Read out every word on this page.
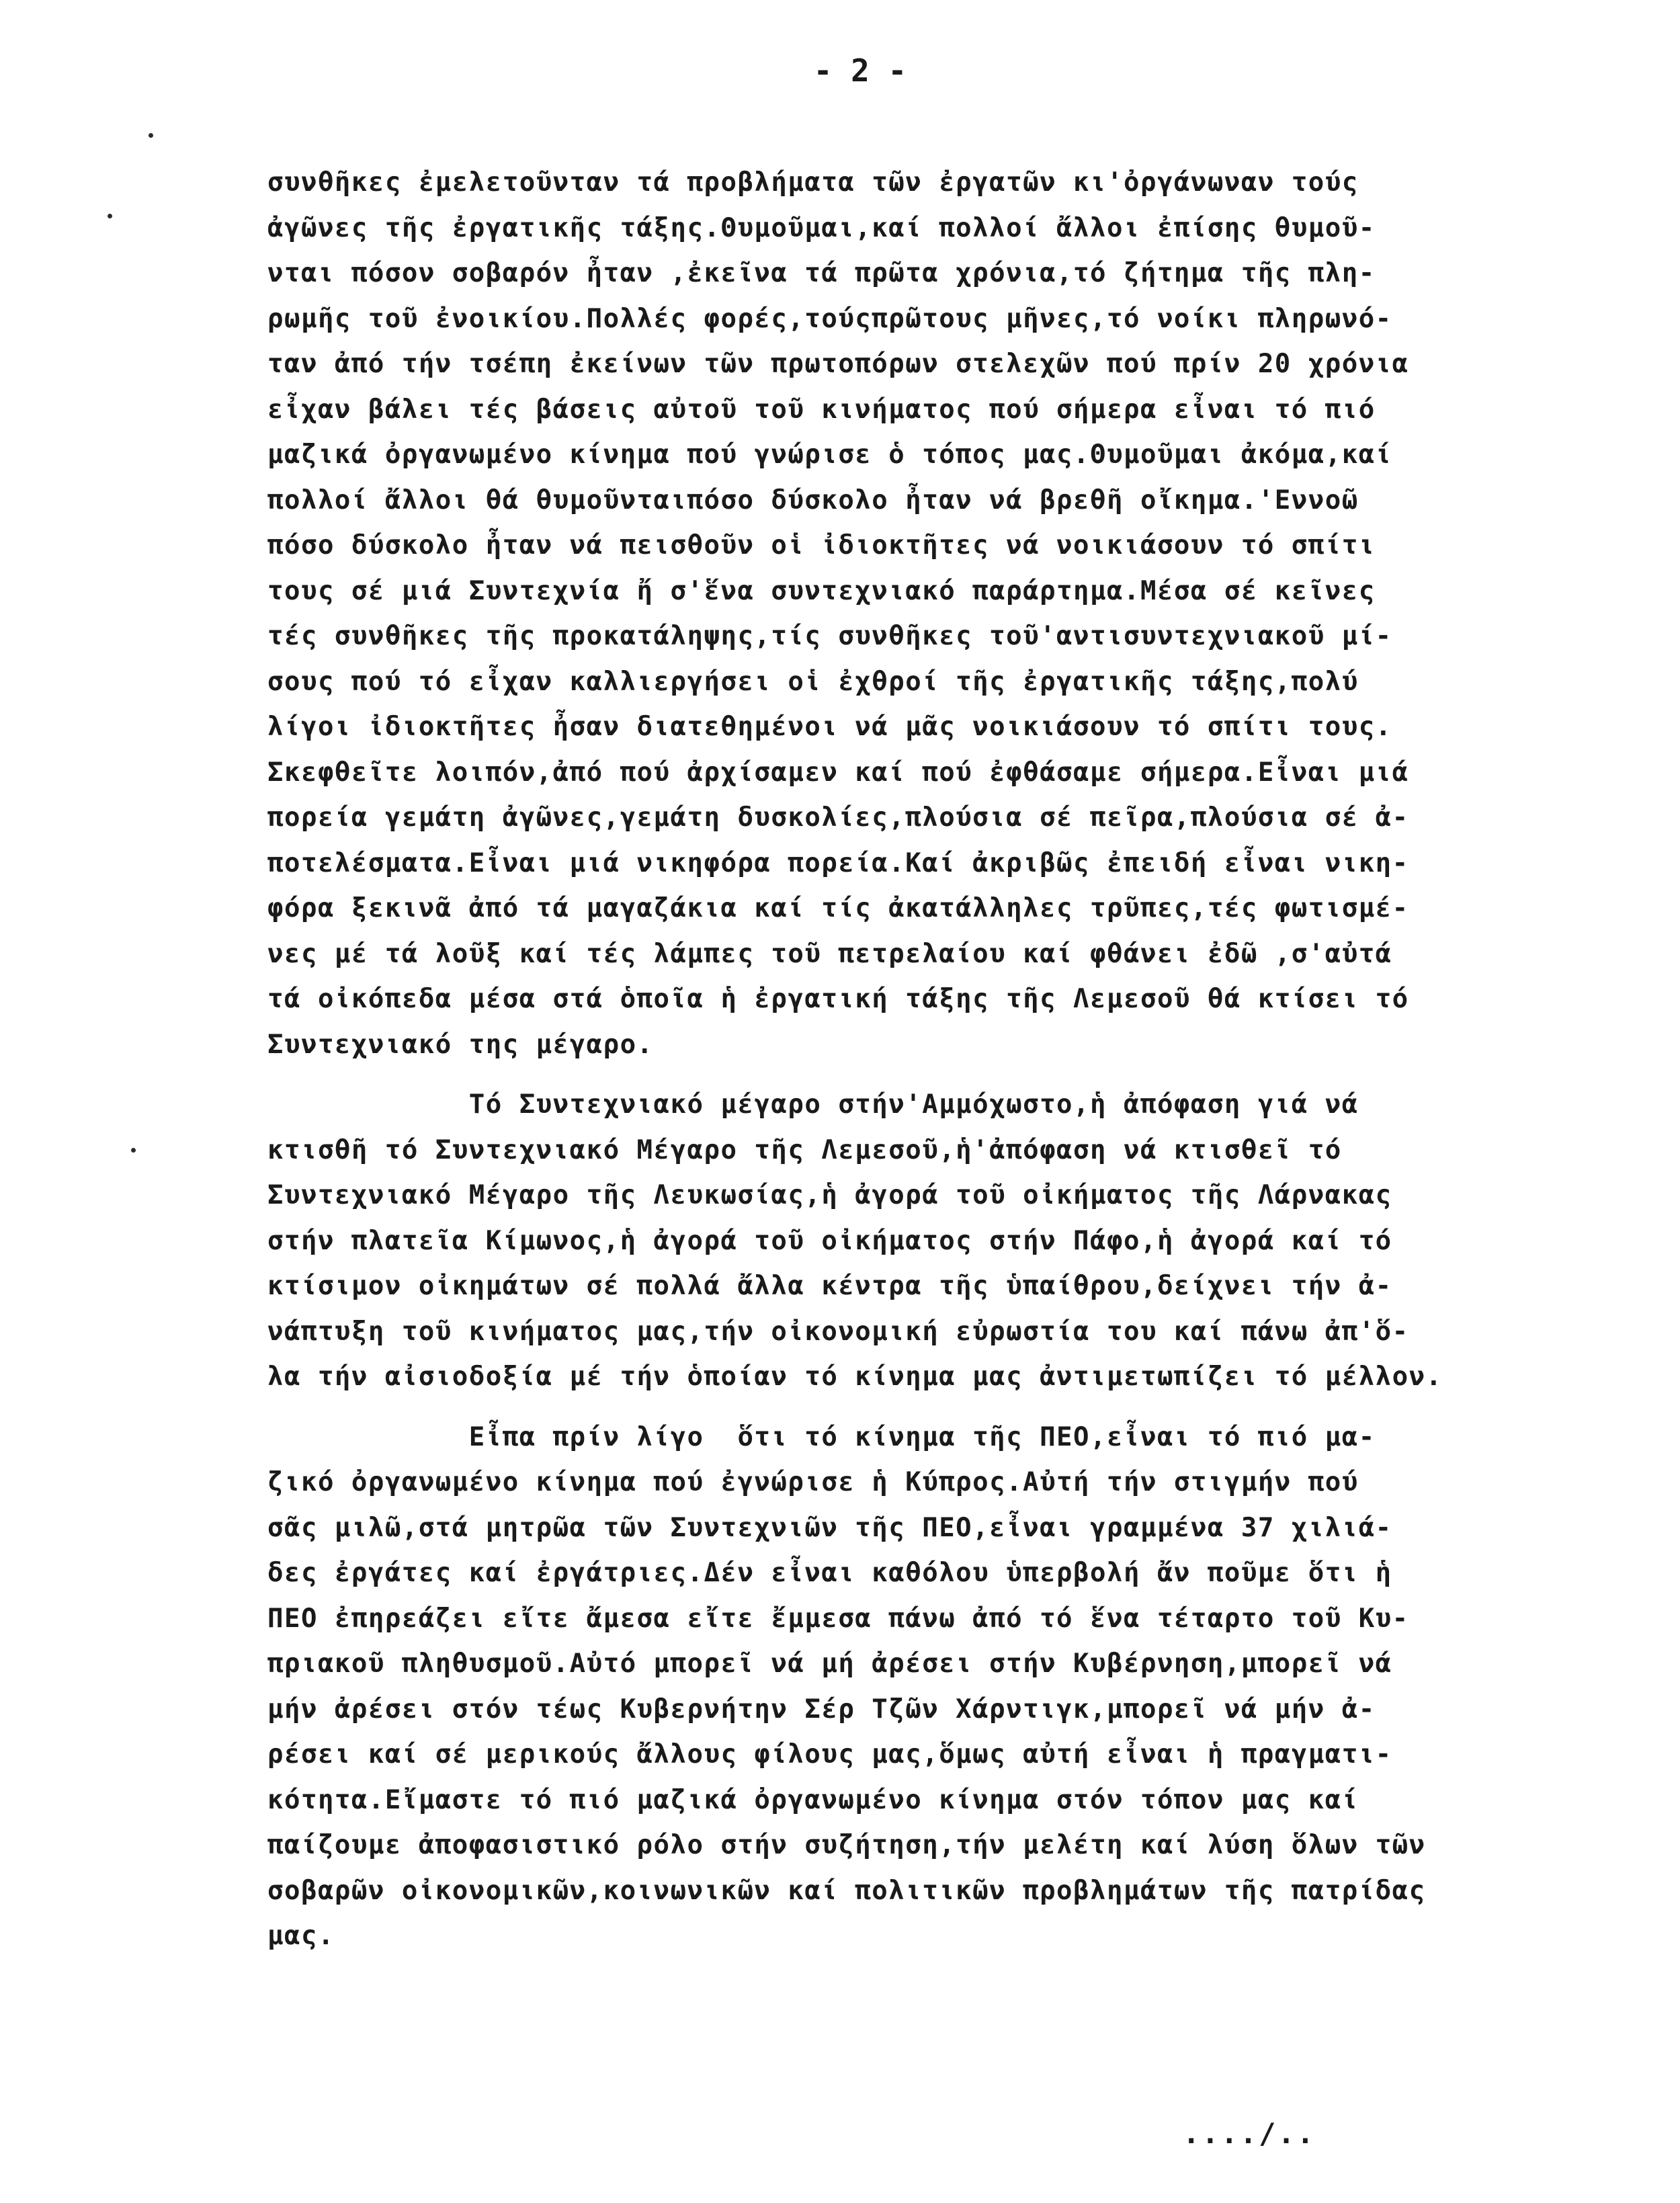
- 2 -
συνθῆκες ἐμελετοῦνταν τά προβλήματα τῶν ἐργατῶν κι'ὀργάνωναν τούς
ἀγῶνες τῆς ἐργατικῆς τάξης.Θυμοῦμαι,καί πολλοί ἄλλοι ἐπίσης θυμοῦ-
νται πόσον σοβαρόν ἦταν ,ἐκεῖνα τά πρῶτα χρόνια,τό ζήτημα τῆς πλη-
ρωμῆς τοῦ ἐνοικίου.Πολλές φορές,τούςπρῶτους μῆνες,τό νοίκι πληρωνό-
ταν ἀπό τήν τσέπη ἐκείνων τῶν πρωτοπόρων στελεχῶν πού πρίν 20 χρόνια
εἶχαν βάλει τές βάσεις αὐτοῦ τοῦ κινήματος πού σήμερα εἶναι τό πιό
μαζικά ὀργανωμένο κίνημα πού γνώρισε ὁ τόπος μας.Θυμοῦμαι ἀκόμα,καί
πολλοί ἄλλοι θά θυμοῦνταιπόσο δύσκολο ἦταν νά βρεθῆ οἴκημα.'Εννοῶ
πόσο δύσκολο ἦταν νά πεισθοῦν οἱ ἰδιοκτῆτες νά νοικιάσουν τό σπίτι
τους σέ μιά Συντεχνία ἤ σ'ἕνα συντεχνιακό παράρτημα.Μέσα σέ κεῖνες
τές συνθῆκες τῆς προκατάληψης,τίς συνθῆκες τοῦ'αντισυντεχνιακοῦ μί-
σους πού τό εἶχαν καλλιεργήσει οἱ ἐχθροί τῆς ἐργατικῆς τάξης,πολύ
λίγοι ἰδιοκτῆτες ἦσαν διατεθημένοι νά μᾶς νοικιάσουν τό σπίτι τους.
Σκεφθεῖτε λοιπόν,ἀπό πού ἀρχίσαμεν καί πού ἐφθάσαμε σήμερα.Εἶναι μιά
πορεία γεμάτη ἀγῶνες,γεμάτη δυσκολίες,πλούσια σέ πεῖρα,πλούσια σέ ἀ-
ποτελέσματα.Εἶναι μιά νικηφόρα πορεία.Καί ἀκριβῶς ἐπειδή εἶναι νικη-
φόρα ξεκινᾶ ἀπό τά μαγαζάκια καί τίς ἀκατάλληλες τρῦπες,τές φωτισμέ-
νες μέ τά λοῦξ καί τές λάμπες τοῦ πετρελαίου καί φθάνει ἐδῶ ,σ'αὐτά
τά οἰκόπεδα μέσα στά ὁποῖα ἡ ἐργατική τάξης τῆς Λεμεσοῦ θά κτίσει τό
Συντεχνιακό της μέγαρο.
Τό Συντεχνιακό μέγαρο στήν'Αμμόχωστο,ἡ ἀπόφαση γιά νά
κτισθῆ τό Συντεχνιακό Μέγαρο τῆς Λεμεσοῦ,ἡ'ἀπόφαση νά κτισθεῖ τό
Συντεχνιακό Μέγαρο τῆς Λευκωσίας,ἡ ἀγορά τοῦ οἰκήματος τῆς Λάρνακας
στήν πλατεῖα Κίμωνος,ἡ ἀγορά τοῦ οἰκήματος στήν Πάφο,ἡ ἀγορά καί τό
κτίσιμον οἰκημάτων σέ πολλά ἄλλα κέντρα τῆς ὑπαίθρου,δείχνει τήν ἀ-
νάπτυξη τοῦ κινήματος μας,τήν οἰκονομική εὐρωστία του καί πάνω ἀπ'ὅ-
λα τήν αἰσιοδοξία μέ τήν ὁποίαν τό κίνημα μας ἀντιμετωπίζει τό μέλλον.
Εἶπα πρίν λίγο  ὅτι τό κίνημα τῆς ΠΕΟ,εἶναι τό πιό μα-
ζικό ὀργανωμένο κίνημα πού ἐγνώρισε ἡ Κύπρος.Αὐτή τήν στιγμήν πού
σᾶς μιλῶ,στά μητρῶα τῶν Συντεχνιῶν τῆς ΠΕΟ,εἶναι γραμμένα 37 χιλιά-
δες ἐργάτες καί ἐργάτριες.Δέν εἶναι καθόλου ὑπερβολή ἄν ποῦμε ὅτι ἡ
ΠΕΟ ἐπηρεάζει εἴτε ἄμεσα εἴτε ἔμμεσα πάνω ἀπό τό ἕνα τέταρτο τοῦ Κυ-
πριακοῦ πληθυσμοῦ.Αὐτό μπορεῖ νά μή ἀρέσει στήν Κυβέρνηση,μπορεῖ νά
μήν ἀρέσει στόν τέως Κυβερνήτην Σέρ Τζῶν Χάρντιγκ,μπορεῖ νά μήν ἀ-
ρέσει καί σέ μερικούς ἄλλους φίλους μας,ὅμως αὐτή εἶναι ἡ πραγματι-
κότητα.Εἴμαστε τό πιό μαζικά ὀργανωμένο κίνημα στόν τόπον μας καί
παίζουμε ἀποφασιστικό ρόλο στήν συζήτηση,τήν μελέτη καί λύση ὅλων τῶν
σοβαρῶν οἰκονομικῶν,κοινωνικῶν καί πολιτικῶν προβλημάτων τῆς πατρίδας
μας.
..../..
